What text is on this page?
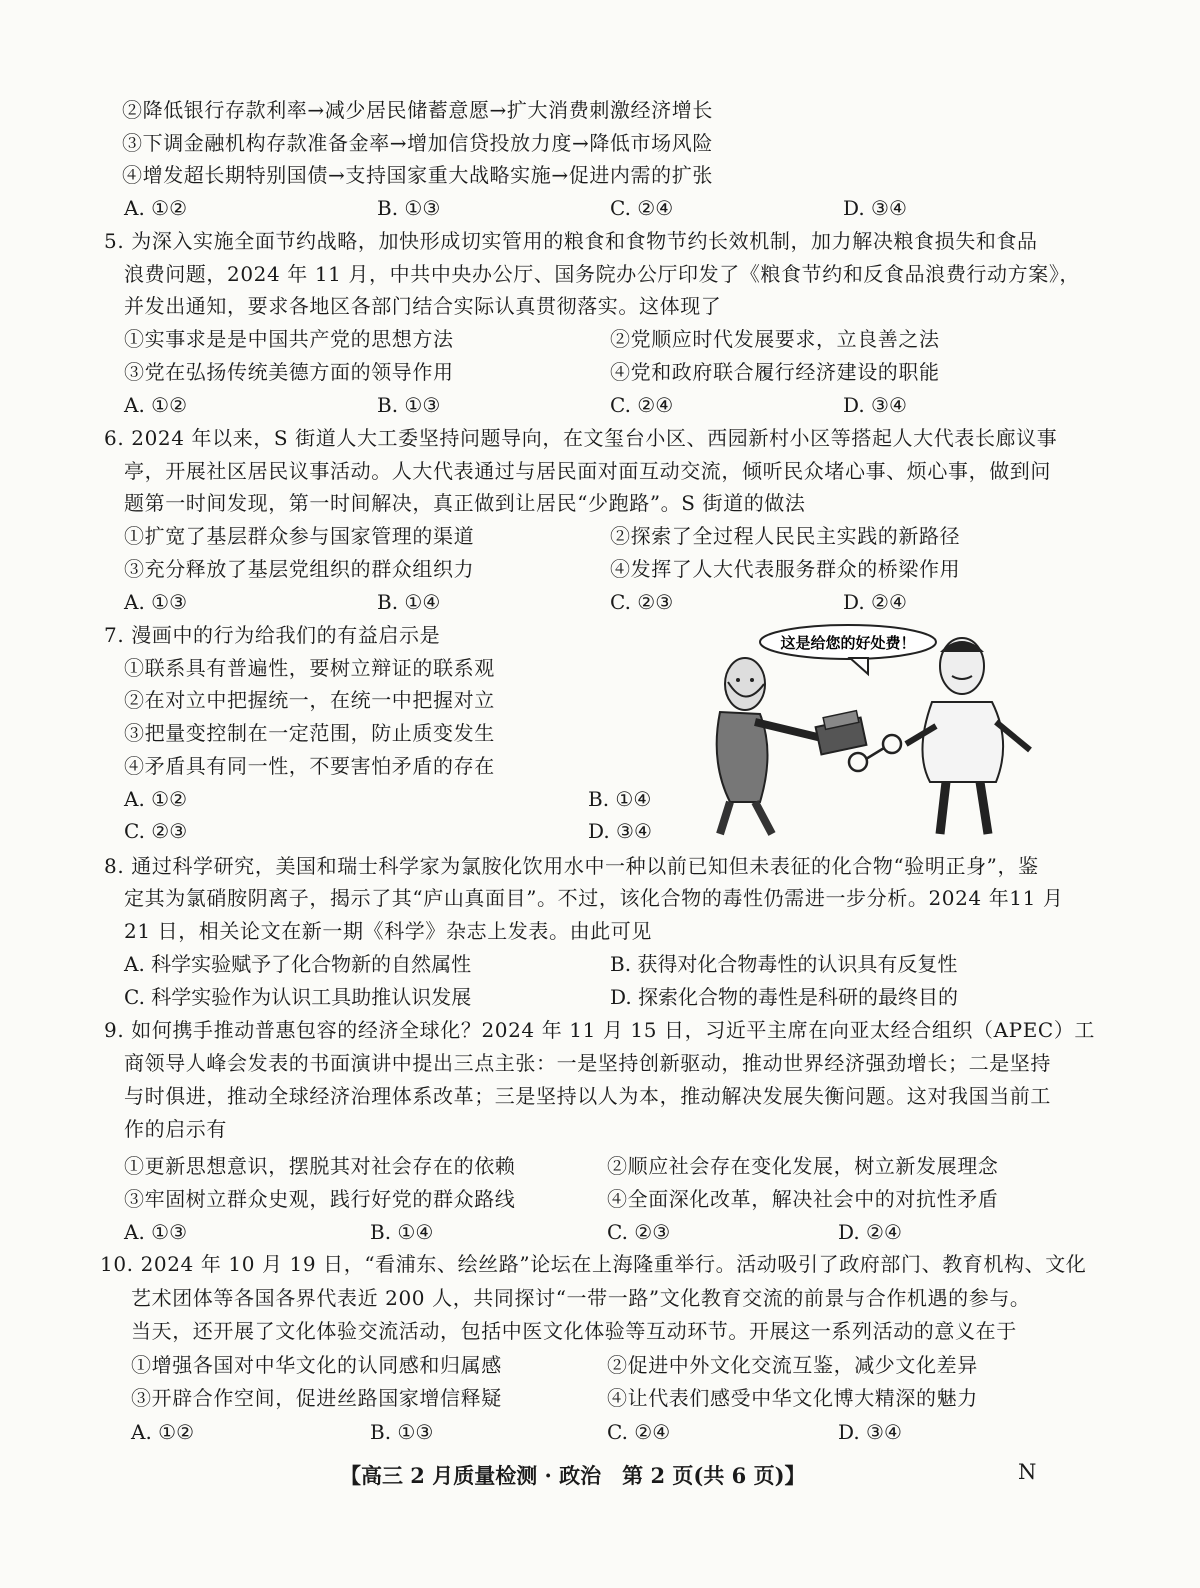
②降低银行存款利率→减少居民储蓄意愿→扩大消费刺激经济增长
③下调金融机构存款准备金率→增加信贷投放力度→降低市场风险
④增发超长期特别国债→支持国家重大战略实施→促进内需的扩张
A. ①②	B. ①③	C. ②④	D. ③④
5. 为深入实施全面节约战略，加快形成切实管用的粮食和食物节约长效机制，加力解决粮食损失和食品
浪费问题，2024 年 11 月，中共中央办公厅、国务院办公厅印发了《粮食节约和反食品浪费行动方案》，
并发出通知，要求各地区各部门结合实际认真贯彻落实。这体现了
①实事求是是中国共产党的思想方法	②党顺应时代发展要求，立良善之法
③党在弘扬传统美德方面的领导作用	④党和政府联合履行经济建设的职能
A. ①②	B. ①③	C. ②④	D. ③④
6. 2024 年以来，S 街道人大工委坚持问题导向，在文玺台小区、西园新村小区等搭起人大代表长廊议事
亭，开展社区居民议事活动。人大代表通过与居民面对面互动交流，倾听民众堵心事、烦心事，做到问
题第一时间发现，第一时间解决，真正做到让居民“少跑路”。S 街道的做法
①扩宽了基层群众参与国家管理的渠道	②探索了全过程人民民主实践的新路径
③充分释放了基层党组织的群众组织力	④发挥了人大代表服务群众的桥梁作用
A. ①③	B. ①④	C. ②③	D. ②④
7. 漫画中的行为给我们的有益启示是
①联系具有普遍性，要树立辩证的联系观
②在对立中把握统一，在统一中把握对立
③把量变控制在一定范围，防止质变发生
④矛盾具有同一性，不要害怕矛盾的存在
A. ①②	B. ①④
C. ②③	D. ③④
这是给您的好处费！
8. 通过科学研究，美国和瑞士科学家为氯胺化饮用水中一种以前已知但未表征的化合物“验明正身”，鉴
定其为氯硝胺阴离子，揭示了其“庐山真面目”。不过，该化合物的毒性仍需进一步分析。2024 年11 月
21 日，相关论文在新一期《科学》杂志上发表。由此可见
A. 科学实验赋予了化合物新的自然属性	B. 获得对化合物毒性的认识具有反复性
C. 科学实验作为认识工具助推认识发展	D. 探索化合物的毒性是科研的最终目的
9. 如何携手推动普惠包容的经济全球化？2024 年 11 月 15 日，习近平主席在向亚太经合组织（APEC）工
商领导人峰会发表的书面演讲中提出三点主张：一是坚持创新驱动，推动世界经济强劲增长；二是坚持
与时俱进，推动全球经济治理体系改革；三是坚持以人为本，推动解决发展失衡问题。这对我国当前工
作的启示有
①更新思想意识，摆脱其对社会存在的依赖	②顺应社会存在变化发展，树立新发展理念
③牢固树立群众史观，践行好党的群众路线	④全面深化改革，解决社会中的对抗性矛盾
A. ①③	B. ①④	C. ②③	D. ②④
10. 2024 年 10 月 19 日，“看浦东、绘丝路”论坛在上海隆重举行。活动吸引了政府部门、教育机构、文化
艺术团体等各国各界代表近 200 人，共同探讨“一带一路”文化教育交流的前景与合作机遇的参与。
当天，还开展了文化体验交流活动，包括中医文化体验等互动环节。开展这一系列活动的意义在于
①增强各国对中华文化的认同感和归属感	②促进中外文化交流互鉴，减少文化差异
③开辟合作空间，促进丝路国家增信释疑	④让代表们感受中华文化博大精深的魅力
A. ①②	B. ①③	C. ②④	D. ③④
【高三 2 月质量检测 · 政治　第 2 页(共 6 页)】	N
